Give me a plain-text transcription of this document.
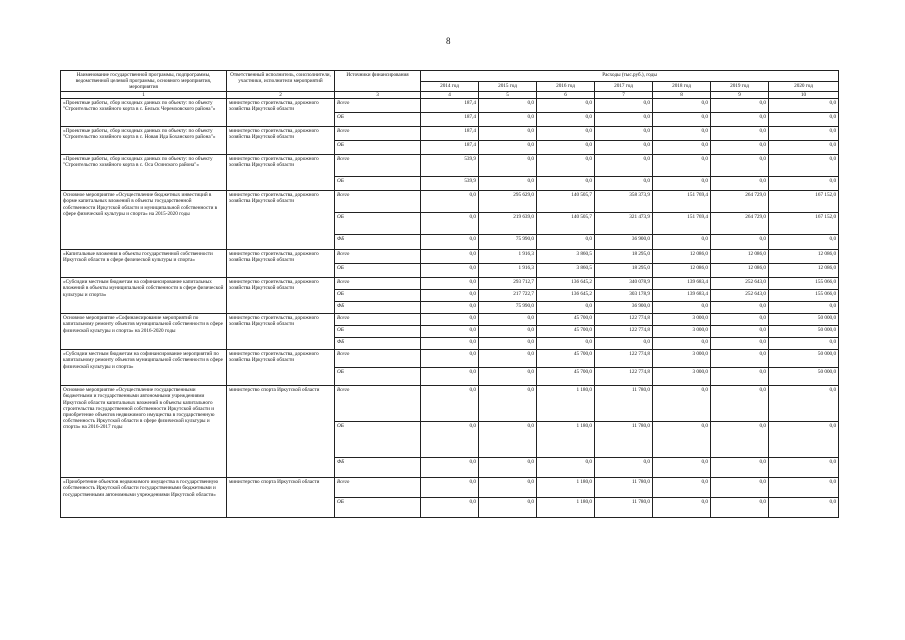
8
Наименование государственной программы, подпрограммы, ведомственной целевой программы, основного мероприятия, мероприятия	Ответственный исполнитель, соисполнители, участники, исполнители мероприятий	Источники финансирования	Расходы (тыс.руб.), годы						
			2014 год	2015 год	2016 год	2017 год	2018 год	2019 год	2020 год
1	2	3	4	5	6	7	8	9	10
«Проектные работы, сбор исходных данных по объекту: по объекту "Строительство хозяйного корта в с. Бельск Черемховского района"»	министерство строительства, дорожного хозяйства Иркутской области	Всего	187,4	0,0	0,0	0,0	0,0	0,0	0,0
		ОБ	187,4	0,0	0,0	0,0	0,0	0,0	0,0
«Проектные работы, сбор исходных данных по объекту: по объекту "Строительство хозяйного корта в с. Новая Ида Боханского района"»	министерство строительства, дорожного хозяйства Иркутской области	Всего	187,4	0,0	0,0	0,0	0,0	0,0	0,0
		ОБ	187,4	0,0	0,0	0,0	0,0	0,0	0,0
«Проектные работы, сбор исходных данных по объекту: по объекту "Строительство хозяйного корта в с. Оса Осинского района"»	министерство строительства, дорожного хозяйства Иркутской области	Всего	539,9	0,0	0,0	0,0	0,0	0,0	0,0
		ОБ	539,9	0,0	0,0	0,0	0,0	0,0	0,0
Основное мероприятие «Осуществление бюджетных инвестиций в форме капитальных вложений в объекты государственной собственности Иркутской области и муниципальной собственности в сфере физической культуры и спорта» на 2015-2020 годы	министерство строительства, дорожного хозяйства Иркутской области	Всего	0,0	295 629,0	140 505,7	358 373,9	151 769,4	264 729,0	167 152,0
		ОБ	0,0	219 639,0	140 505,7	321 473,9	151 769,4	264 729,0	167 152,0
		ФБ	0,0	75 990,0	0,0	36 900,0	0,0	0,0	0,0
«Капитальные вложения в объекты государственной собственности Иркутской области в сфере физической культуры и спорта»	министерство строительства, дорожного хозяйства Иркутской области	Всего	0,0	1 916,3	3 860,5	18 295,0	12 086,0	12 086,0	12 086,0
		ОБ	0,0	1 916,3	3 860,5	18 295,0	12 086,0	12 086,0	12 086,0
«Субсидии местным бюджетам на софинансирование капитальных вложений в объекты муниципальной собственности в сфере физической культуры и спорта»	министерство строительства, дорожного хозяйства Иркутской области	Всего	0,0	293 712,7	136 645,2	340 078,9	139 683,4	252 643,0	155 066,0
		ОБ	0,0	217 722,7	136 645,2	303 178,9	139 683,4	252 643,0	155 066,0
		ФБ	0,0	75 990,0	0,0	36 900,0	0,0	0,0	0,0
Основное мероприятие «Софинансирование мероприятий по капитальному ремонту объектов муниципальной собственности в сфере физической культуры и спорта» на 2016-2020 годы	министерство строительства, дорожного хозяйства Иркутской области	Всего	0,0	0,0	45 700,0	122 774,8	3 000,0	0,0	50 000,0
		ОБ	0,0	0,0	45 700,0	122 774,8	3 000,0	0,0	50 000,0
		ФБ	0,0	0,0	0,0	0,0	0,0	0,0	0,0
«Субсидии местным бюджетам на софинансирование мероприятий по капитальному ремонту объектов муниципальной собственности в сфере физической культуры и спорта»	министерство строительства, дорожного хозяйства Иркутской области	Всего	0,0	0,0	45 700,0	122 774,8	3 000,0	0,0	50 000,0
		ОБ	0,0	0,0	45 700,0	122 774,8	3 000,0	0,0	50 000,0
Основное мероприятие «Осуществление государственными бюджетными и государственными автономными учреждениями Иркутской области капитальных вложений в объекты капитального строительства государственной собственности Иркутской области и приобретение объектов недвижимого имущества в государственную собственность Иркутской области в сфере физической культуры и спорта» на 2016-2017 годы	министерство спорта Иркутской области	Всего	0,0	0,0	1 180,0	11 780,0	0,0	0,0	0,0
		ОБ	0,0	0,0	1 180,0	11 780,0	0,0	0,0	0,0
		ФБ	0,0	0,0	0,0	0,0	0,0	0,0	0,0
«Приобретение объектов недвижимого имущества в государственную собственность Иркутской области государственными бюджетными и государственными автономными учреждениями Иркутской области»	министерство спорта Иркутской области	Всего	0,0	0,0	1 180,0	11 780,0	0,0	0,0	0,0
		ОБ	0,0	0,0	1 180,0	11 780,0	0,0	0,0	0,0
